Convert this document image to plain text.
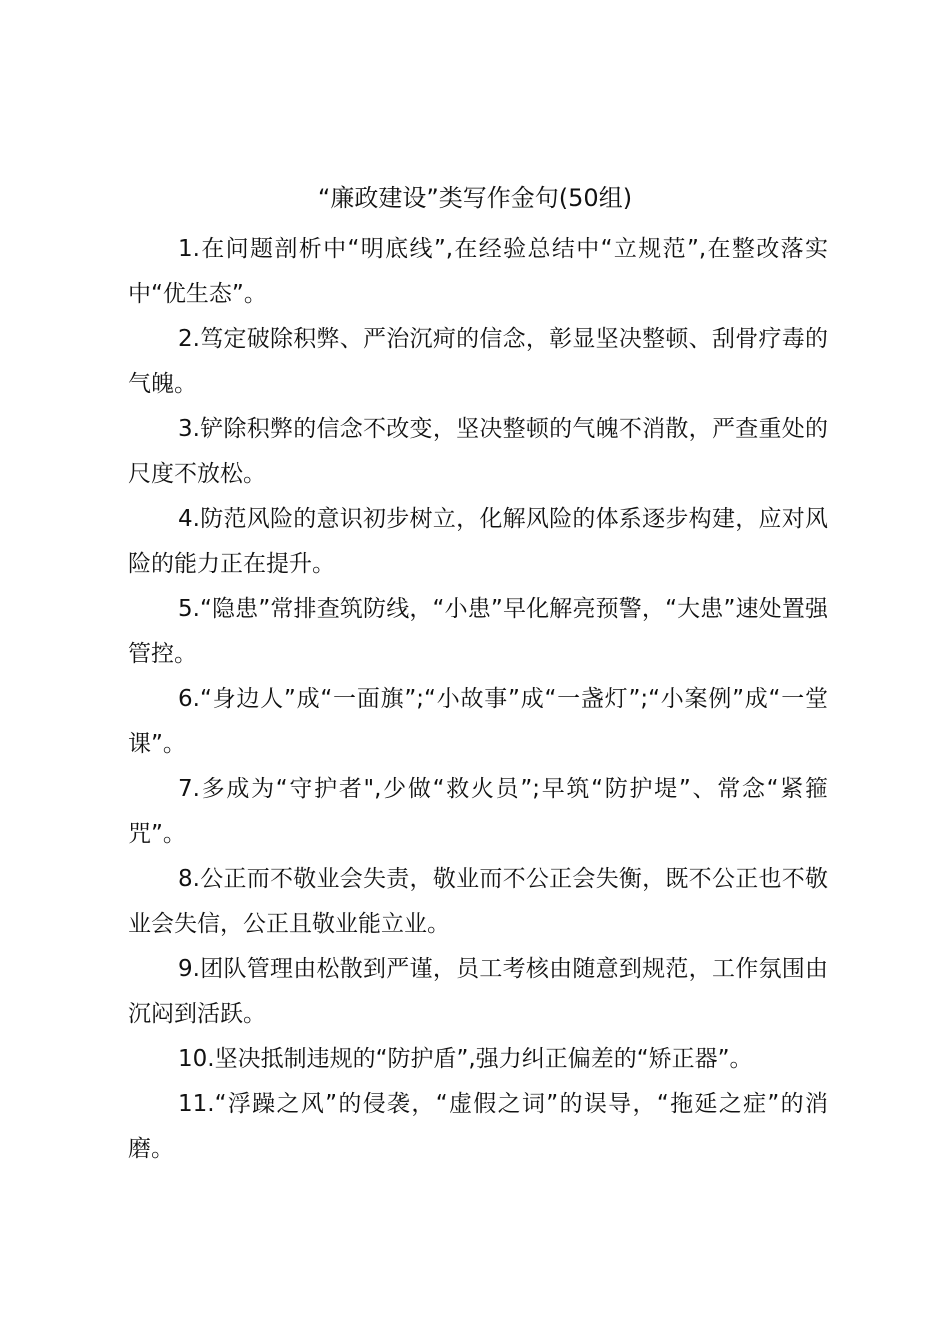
“廉政建设”类写作金句(50组)

1.在问题剖析中“明底线”,在经验总结中“立规范”,在整改落实中“优生态”。

2.笃定破除积弊、严治沉疴的信念，彰显坚决整顿、刮骨疗毒的气魄。

3.铲除积弊的信念不改变，坚决整顿的气魄不消散，严查重处的尺度不放松。

4.防范风险的意识初步树立，化解风险的体系逐步构建，应对风险的能力正在提升。

5.“隐患”常排查筑防线，“小患”早化解亮预警，“大患”速处置强管控。

6.“身边人”成“一面旗”;“小故事”成“一盏灯”;“小案例”成“一堂课”。

7.多成为“守护者",少做“救火员”;早筑“防护堤”、常念“紧箍咒”。

8.公正而不敬业会失责，敬业而不公正会失衡，既不公正也不敬业会失信，公正且敬业能立业。

9.团队管理由松散到严谨，员工考核由随意到规范，工作氛围由沉闷到活跃。

10.坚决抵制违规的“防护盾”,强力纠正偏差的“矫正器”。

11.“浮躁之风”的侵袭，“虚假之词”的误导，“拖延之症”的消磨。
